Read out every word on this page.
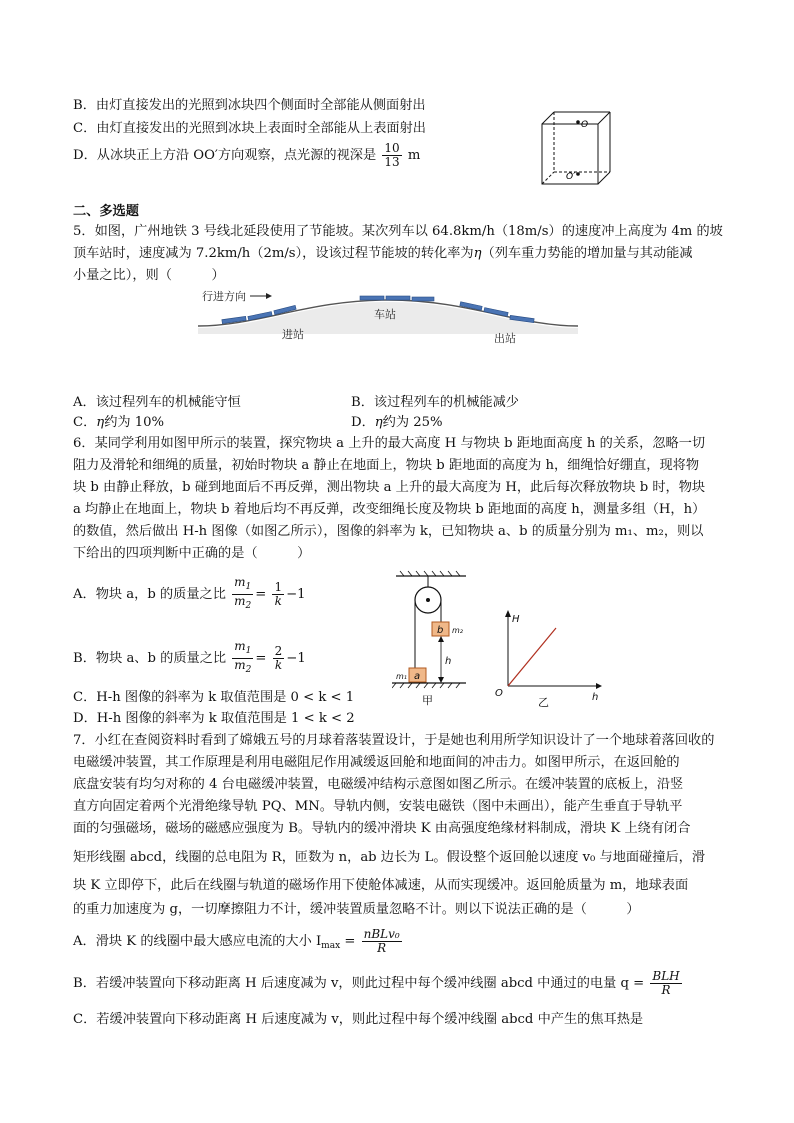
B．由灯直接发出的光照到冰块四个侧面时全部能从侧面射出
C．由灯直接发出的光照到冰块上表面时全部能从上表面射出
D．从冰块正上方沿 OO′方向观察，点光源的视深是 $\frac{10}{13}$ m
O
O′
二、多选题
5．如图，广州地铁 3 号线北延段使用了节能坡。某次列车以 64.8km/h（18m/s）的速度冲上高度为 4m 的坡
顶车站时，速度减为 7.2km/h（2m/s），设该过程节能坡的转化率为η（列车重力势能的增加量与其动能减
小量之比），则（　　　）
行进方向
进站
车站
出站
A．该过程列车的机械能守恒	B．该过程列车的机械能减少
C．η约为 10%	D．η约为 25%
6．某同学利用如图甲所示的装置，探究物块 a 上升的最大高度 H 与物块 b 距地面高度 h 的关系，忽略一切
阻力及滑轮和细绳的质量，初始时物块 a 静止在地面上，物块 b 距地面的高度为 h，细绳恰好绷直，现将物
块 b 由静止释放，b 碰到地面后不再反弹，测出物块 a 上升的最大高度为 H，此后每次释放物块 b 时，物块
a 均静止在地面上，物块 b 着地后均不再反弹，改变细绳长度及物块 b 距地面的高度 h，测量多组（H，h）
的数值，然后做出 H-h 图像（如图乙所示），图像的斜率为 k，已知物块 a、b 的质量分别为 m₁、m₂，则以
下给出的四项判断中正确的是（　　　）
A．物块 a，b 的质量之比 $\frac{m_1}{m_2} = \frac{1}{k} -1$
B．物块 a、b 的质量之比 $\frac{m_1}{m_2} = \frac{2}{k} -1$
C．H-h 图像的斜率为 k 取值范围是 0 < k < 1
D．H-h 图像的斜率为 k 取值范围是 1 < k < 2
b m₂
a
m₁
h
甲
H
O	h
乙
7．小红在查阅资料时看到了嫦娥五号的月球着落装置设计，于是她也利用所学知识设计了一个地球着落回收的
电磁缓冲装置，其工作原理是利用电磁阻尼作用减缓返回舱和地面间的冲击力。如图甲所示，在返回舱的
底盘安装有均匀对称的 4 台电磁缓冲装置，电磁缓冲结构示意图如图乙所示。在缓冲装置的底板上，沿竖
直方向固定着两个光滑绝缘导轨 PQ、MN。导轨内侧，安装电磁铁（图中未画出），能产生垂直于导轨平
面的匀强磁场，磁场的磁感应强度为 B。导轨内的缓冲滑块 K 由高强度绝缘材料制成，滑块 K 上绕有闭合
矩形线圈 abcd，线圈的总电阻为 R，匝数为 n，ab 边长为 L。假设整个返回舱以速度 v₀ 与地面碰撞后，滑
块 K 立即停下，此后在线圈与轨道的磁场作用下使舱体减速，从而实现缓冲。返回舱质量为 m，地球表面
的重力加速度为 g，一切摩擦阻力不计，缓冲装置质量忽略不计。则以下说法正确的是（　　　）
A．滑块 K 的线圈中最大感应电流的大小 $I_{max} = \frac{\text{nBLv₀}}{R}$
B．若缓冲装置向下移动距离 H 后速度减为 v，则此过程中每个缓冲线圈 abcd 中通过的电量 $q = \frac{\text{BLH}}{R}$
C．若缓冲装置向下移动距离 H 后速度减为 v，则此过程中每个缓冲线圈 abcd 中产生的焦耳热是
